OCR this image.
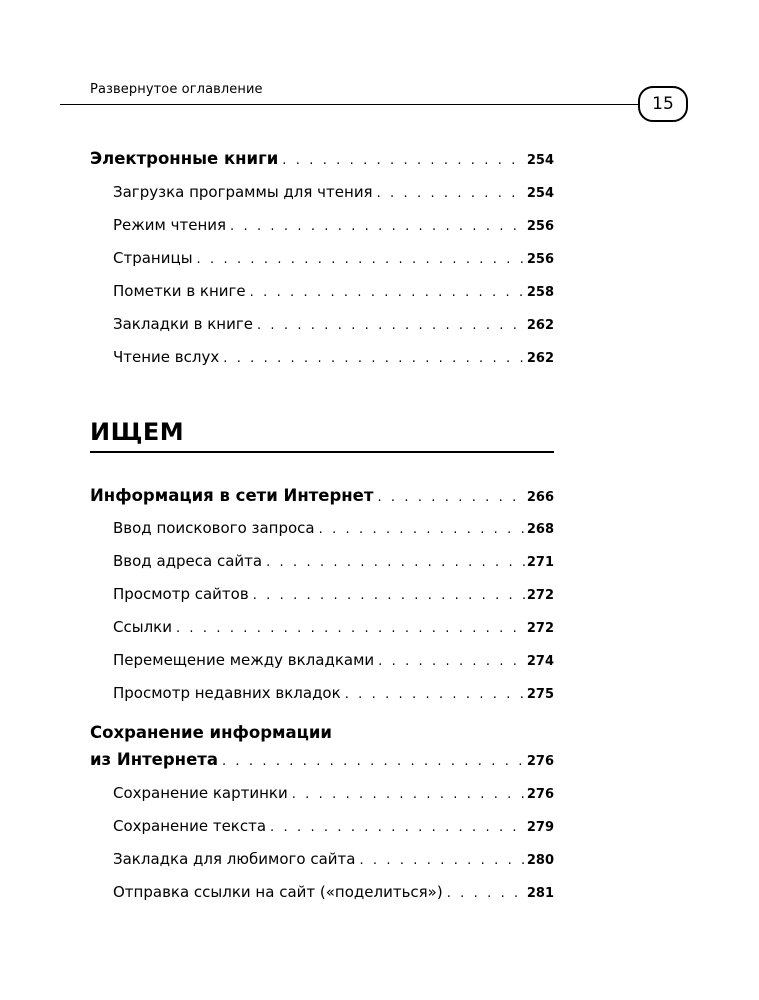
Развернутое оглавление
15
Электронные книги . . .	254
Загрузка программы для чтения . . .	254
Режим чтения . . .	256
Страницы . . .	256
Пометки в книге . . .	258
Закладки в книге . . .	262
Чтение вслух . . .	262
ИЩЕМ
Информация в сети Интернет . . .	266
Ввод поискового запроса . . .	268
Ввод адреса сайта . . .	271
Просмотр сайтов . . .	272
Ссылки . . .	272
Перемещение между вкладками . . .	274
Просмотр недавних вкладок . . .	275
Сохранение информации
из Интернета . . .	276
Сохранение картинки . . .	276
Сохранение текста . . .	279
Закладка для любимого сайта . . .	280
Отправка ссылки на сайт («поделиться») . . .	281
